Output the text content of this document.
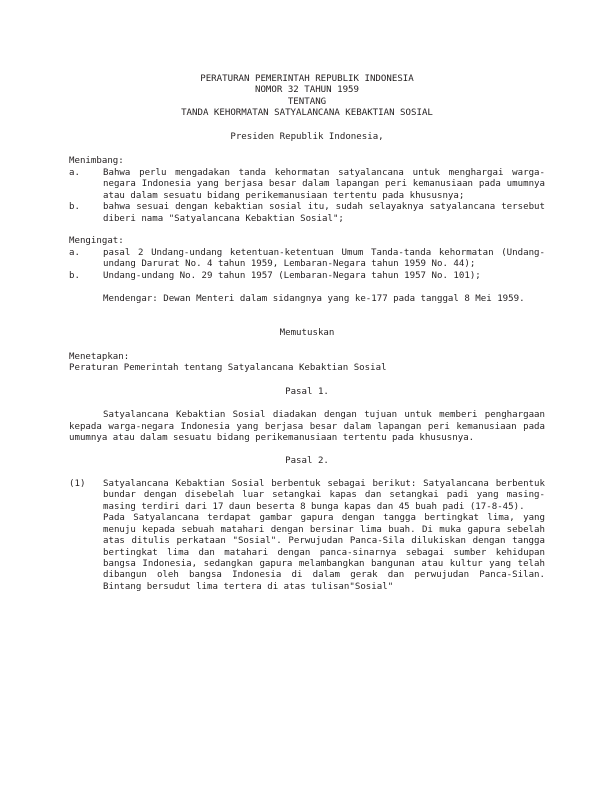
PERATURAN PEMERINTAH REPUBLIK INDONESIA
NOMOR 32 TAHUN 1959
TENTANG
TANDA KEHORMATAN SATYALANCANA KEBAKTIAN SOSIAL
Presiden Republik Indonesia,
Menimbang:
a.	Bahwa perlu mengadakan tanda kehormatan satyalancana untuk menghargai warga-negara Indonesia yang berjasa besar dalam lapangan peri kemanusiaan pada umumnya atau dalam sesuatu bidang perikemanusiaan tertentu pada khususnya;
b.	bahwa sesuai dengan kebaktian sosial itu, sudah selayaknya satyalancana tersebut diberi nama "Satyalancana Kebaktian Sosial";
Mengingat:
a.	pasal 2 Undang-undang ketentuan-ketentuan Umum Tanda-tanda kehormatan (Undang-undang Darurat No. 4 tahun 1959, Lembaran-Negara tahun 1959 No. 44);
b.	Undang-undang No. 29 tahun 1957 (Lembaran-Negara tahun 1957 No. 101);
Mendengar: Dewan Menteri dalam sidangnya yang ke-177 pada tanggal 8 Mei 1959.
Memutuskan
Menetapkan:
Peraturan Pemerintah tentang Satyalancana Kebaktian Sosial
Pasal 1.
Satyalancana Kebaktian Sosial diadakan dengan tujuan untuk memberi penghargaan kepada warga-negara Indonesia yang berjasa besar dalam lapangan peri kemanusiaan pada umumnya atau dalam sesuatu bidang perikemanusiaan tertentu pada khususnya.
Pasal 2.
(1) Satyalancana Kebaktian Sosial berbentuk sebagai berikut: Satyalancana berbentuk bundar dengan disebelah luar setangkai kapas dan setangkai padi yang masing-masing terdiri dari 17 daun beserta 8 bunga kapas dan 45 buah padi (17-8-45).
Pada Satyalancana terdapat gambar gapura dengan tangga bertingkat lima, yang menuju kepada sebuah matahari dengan bersinar lima buah. Di muka gapura sebelah atas ditulis perkataan "Sosial". Perwujudan Panca-Sila dilukiskan dengan tangga bertingkat lima dan matahari dengan panca-sinarnya sebagai sumber kehidupan bangsa Indonesia, sedangkan gapura melambangkan bangunan atau kultur yang telah dibangun oleh bangsa Indonesia di dalam gerak dan perwujudan Panca-Silan. Bintang bersudut lima tertera di atas tulisan"Sosial"
